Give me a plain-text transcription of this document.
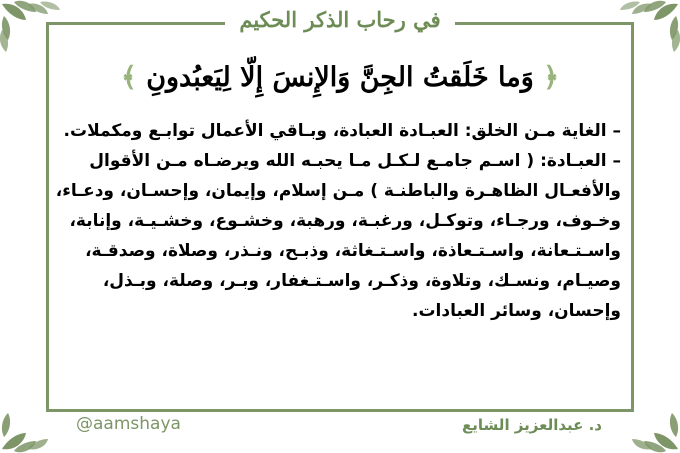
في رحاب الذكر الحكيم
﴿ وَما خَلَقتُ الجِنَّ وَالإِنسَ إِلّا لِيَعبُدونِ ﴾
– الغاية مـن الخلق: العبـادة العبادة، وبـاقي الأعمال توابـع ومكملات.
– العبـادة: ( اسـم جامـع لـكـل مـا يحبـه الله ويرضـاه مـن الأقوال
والأفعـال الظاهـرة والباطنـة ) مـن إسلام، وإيمان، وإحسـان، ودعـاء،
وخـوف، ورجـاء، وتوكـل، ورغبـة، ورهبة، وخشـوع، وخشـيـة، وإنابة،
واسـتـعانة، واسـتـعاذة، واسـتـغاثة، وذبـح، ونـذر، وصلاة، وصدقـة،
وصيـام، ونسـك، وتلاوة، وذكـر، واسـتـغفار، وبـر، وصلة، وبـذل،
وإحسان، وسائر العبادات.
د. عبدالعزيز الشايع
@aamshaya
